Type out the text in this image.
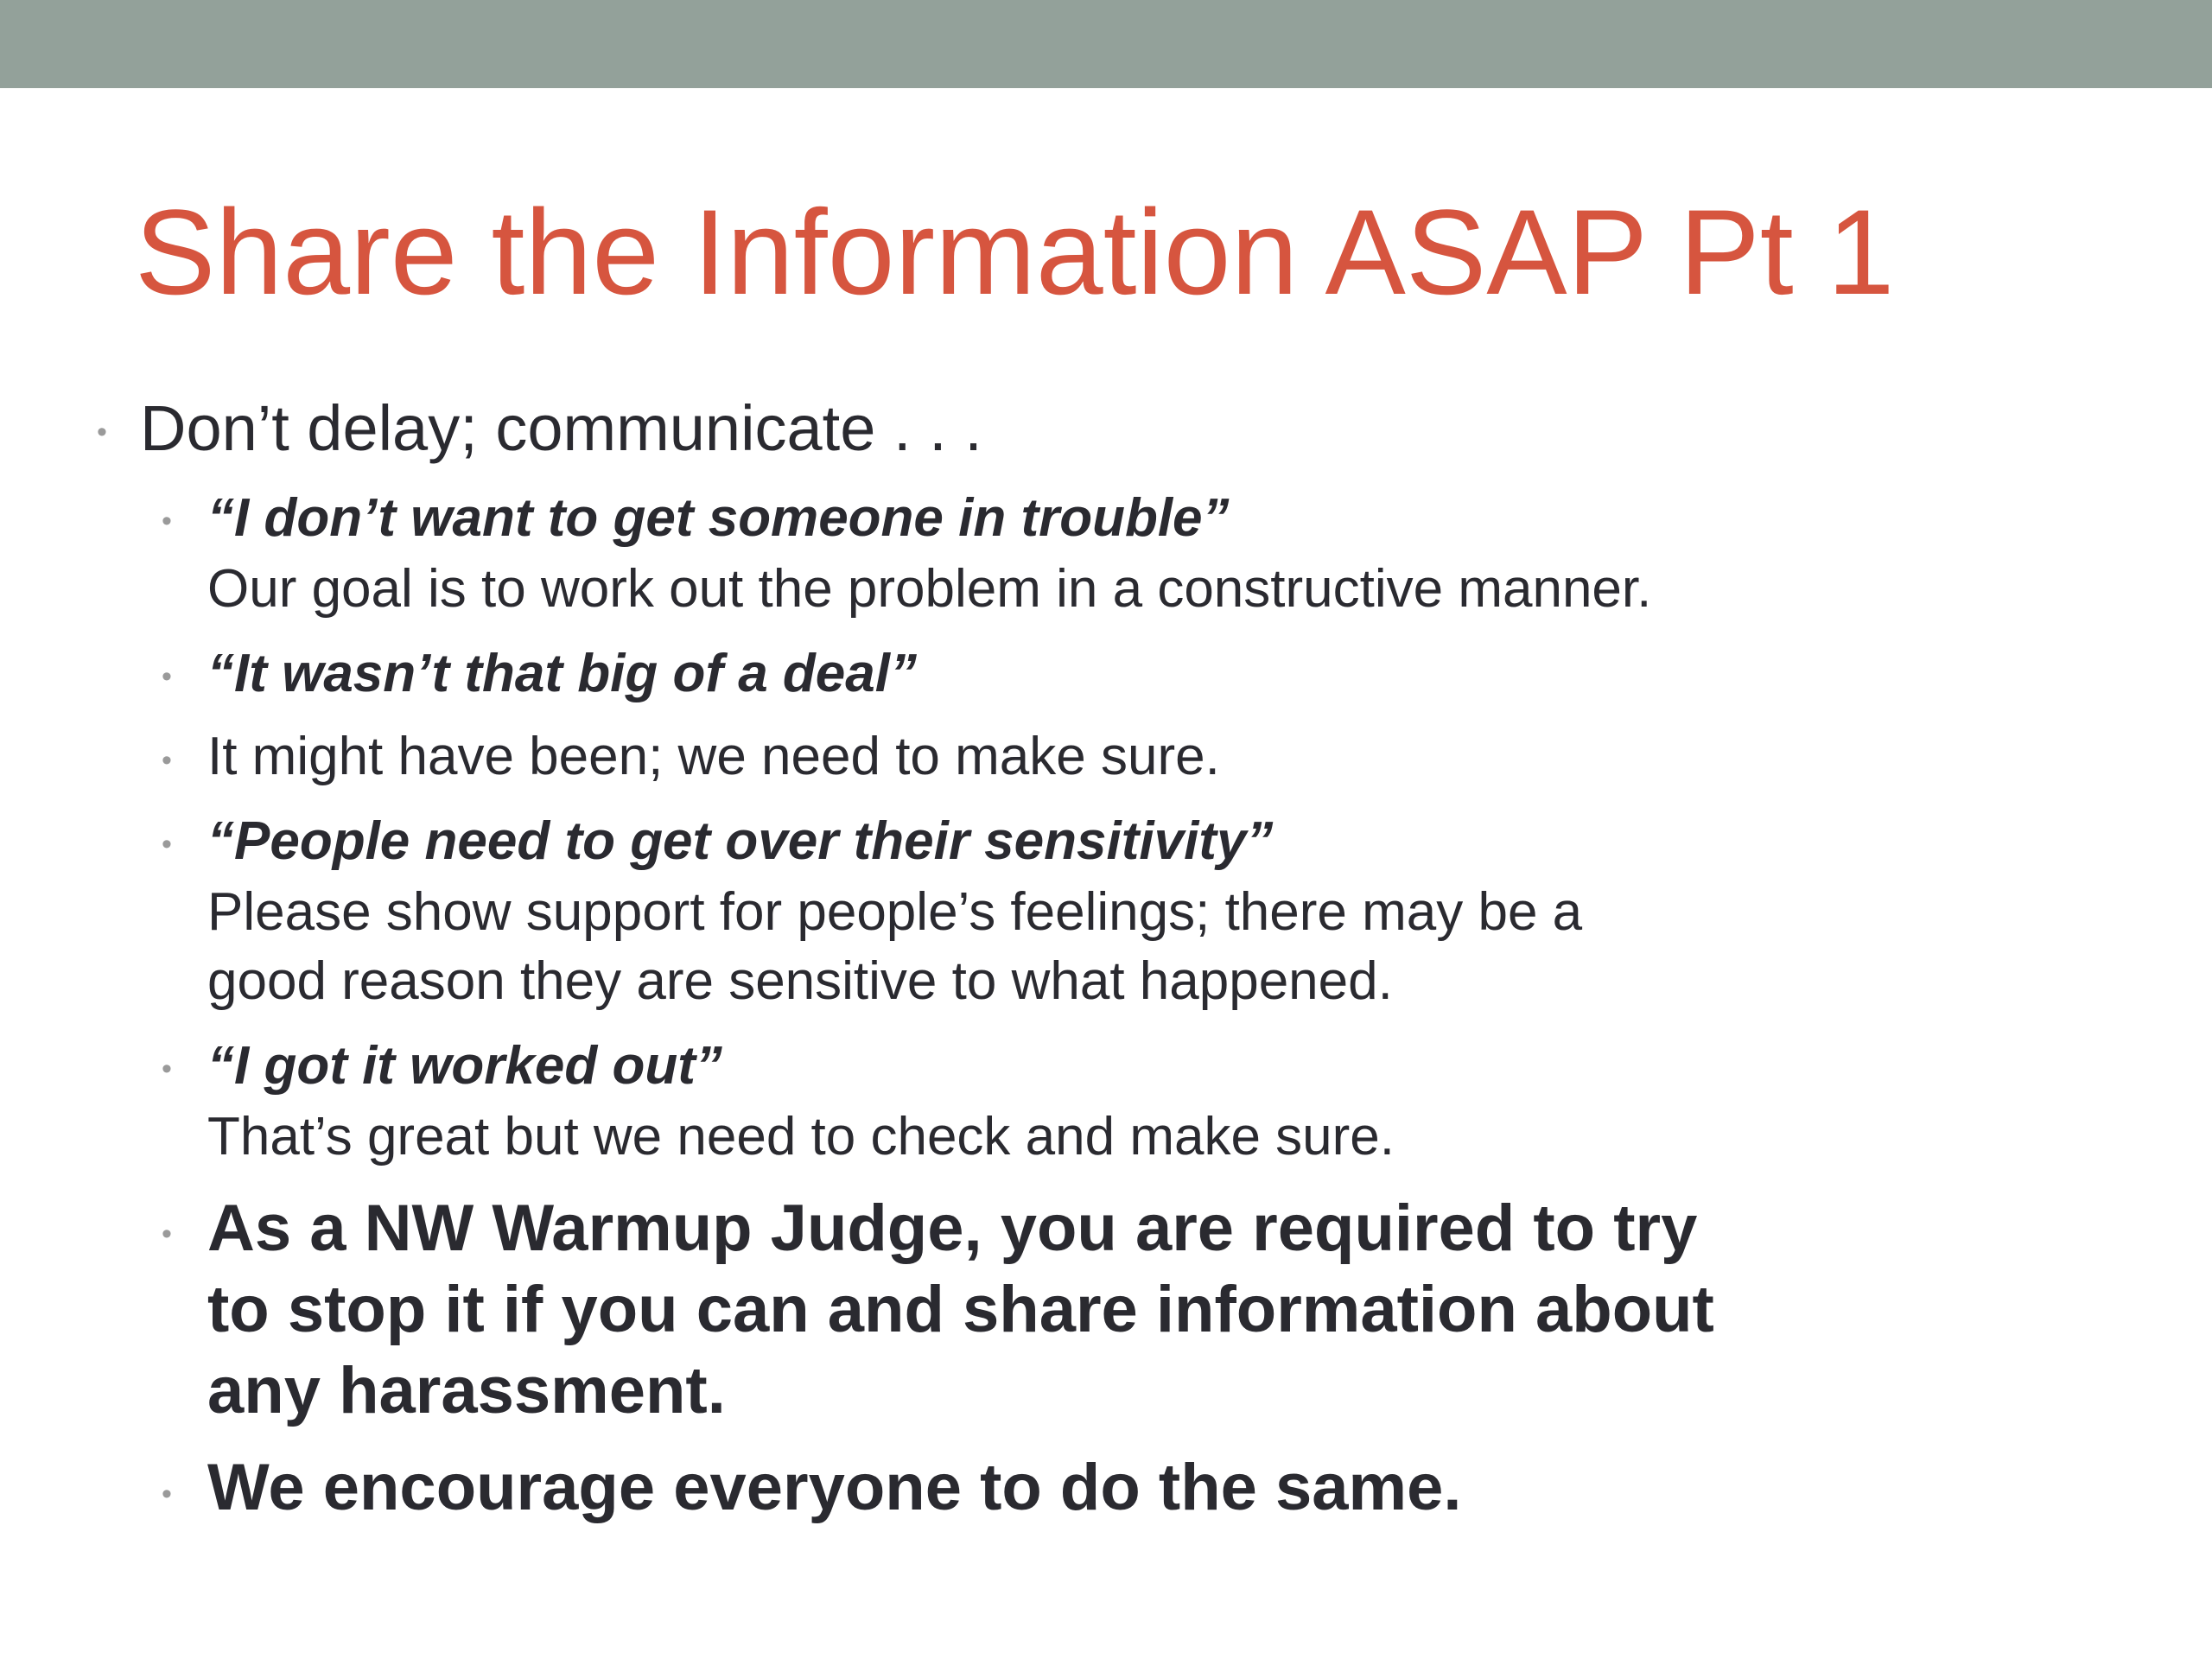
Share the Information ASAP Pt 1
• Don’t delay; communicate . . .

• “I don’t want to get someone in trouble”

Our goal is to work out the problem in a constructive manner.

• “It wasn’t that big of a deal”

• It might have been; we need to make sure.

• “People need to get over their sensitivity”

Please show support for people’s feelings; there may be a

good reason they are sensitive to what happened.

• “I got it worked out”

That’s great but we need to check and make sure.

• As a NW Warmup Judge, you are required to try

to stop it if you can and share information about

any harassment.

• We encourage everyone to do the same.
